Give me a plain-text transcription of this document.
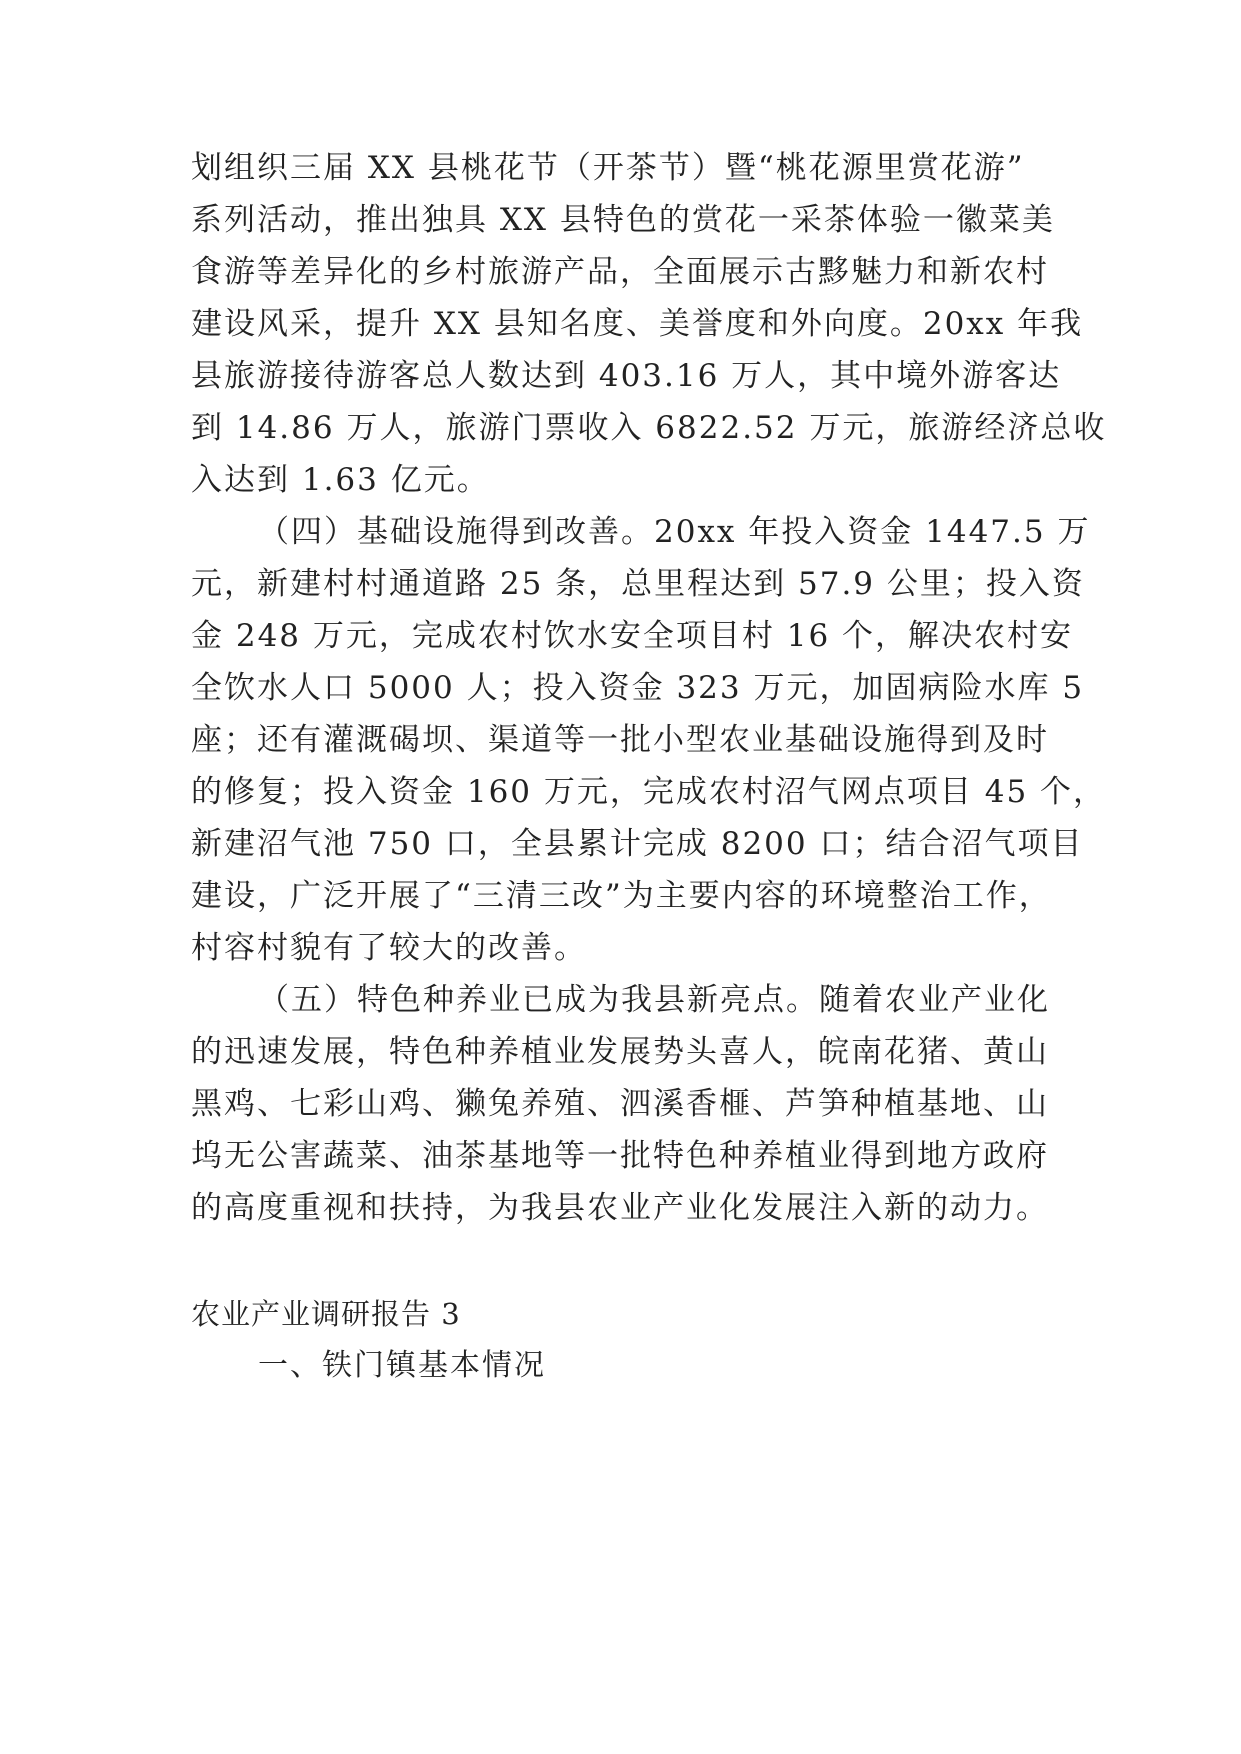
划组织三届 XX 县桃花节（开茶节）暨“桃花源里赏花游”
系列活动，推出独具 XX 县特色的赏花一采茶体验一徽菜美
食游等差异化的乡村旅游产品，全面展示古黟魅力和新农村
建设风采，提升 XX 县知名度、美誉度和外向度。20xx 年我
县旅游接待游客总人数达到 403.16 万人，其中境外游客达
到 14.86 万人，旅游门票收入 6822.52 万元，旅游经济总收
入达到 1.63 亿元。
（四）基础设施得到改善。20xx 年投入资金 1447.5 万
元，新建村村通道路 25 条，总里程达到 57.9 公里；投入资
金 248 万元，完成农村饮水安全项目村 16 个，解决农村安
全饮水人口 5000 人；投入资金 323 万元，加固病险水库 5
座；还有灌溉碣坝、渠道等一批小型农业基础设施得到及时
的修复；投入资金 160 万元，完成农村沼气网点项目 45 个，
新建沼气池 750 口，全县累计完成 8200 口；结合沼气项目
建设，广泛开展了“三清三改”为主要内容的环境整治工作，
村容村貌有了较大的改善。
（五）特色种养业已成为我县新亮点。随着农业产业化
的迅速发展，特色种养植业发展势头喜人，皖南花猪、黄山
黑鸡、七彩山鸡、獭兔养殖、泗溪香榧、芦笋种植基地、山
坞无公害蔬菜、油茶基地等一批特色种养植业得到地方政府
的高度重视和扶持，为我县农业产业化发展注入新的动力。
农业产业调研报告 3
一、铁门镇基本情况
